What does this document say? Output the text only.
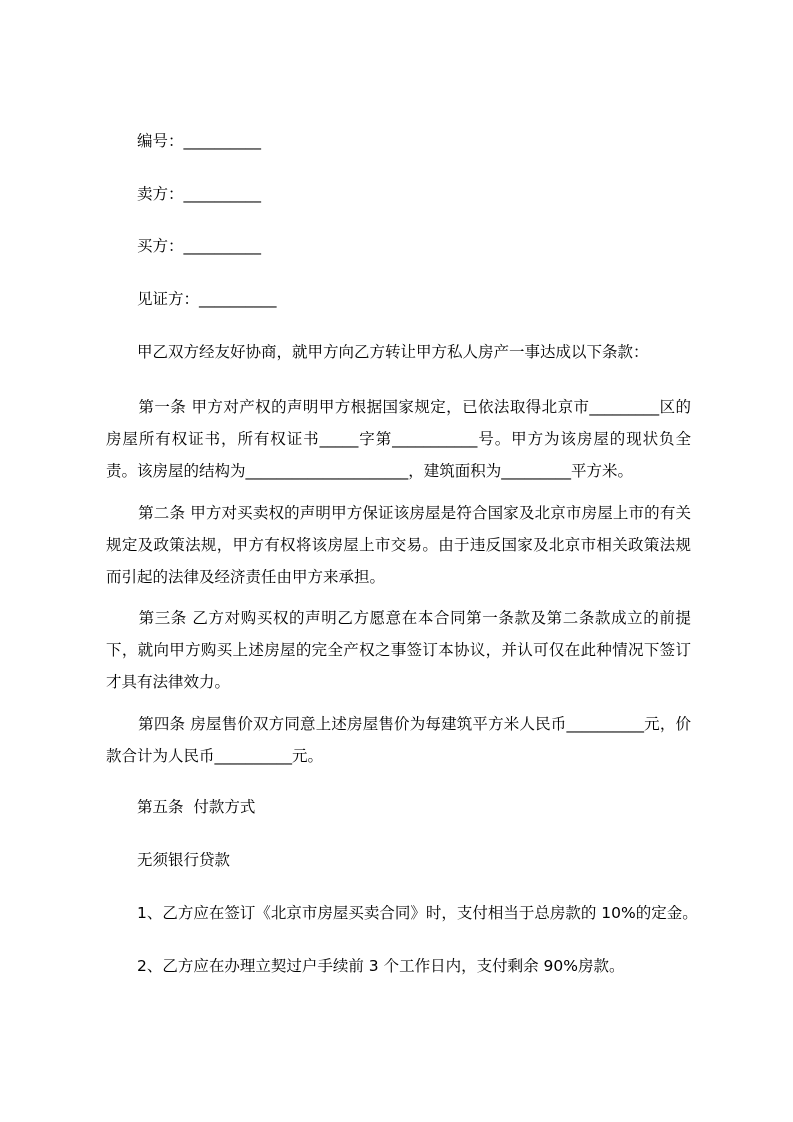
编号：__________
卖方：__________
买方：__________
见证方：__________
甲乙双方经友好协商，就甲方向乙方转让甲方私人房产一事达成以下条款：
第一条 甲方对产权的声明甲方根据国家规定，已依法取得北京市_________区的房屋所有权证书，所有权证书_____字第___________号。甲方为该房屋的现状负全责。该房屋的结构为_____________________，建筑面积为_________平方米。
第二条 甲方对买卖权的声明甲方保证该房屋是符合国家及北京市房屋上市的有关规定及政策法规，甲方有权将该房屋上市交易。由于违反国家及北京市相关政策法规而引起的法律及经济责任由甲方来承担。
第三条 乙方对购买权的声明乙方愿意在本合同第一条款及第二条款成立的前提下，就向甲方购买上述房屋的完全产权之事签订本协议，并认可仅在此种情况下签订才具有法律效力。
第四条 房屋售价双方同意上述房屋售价为每建筑平方米人民币__________元，价款合计为人民币__________元。
第五条  付款方式
无须银行贷款
1、乙方应在签订《北京市房屋买卖合同》时，支付相当于总房款的 10%的定金。
2、乙方应在办理立契过户手续前 3 个工作日内，支付剩余 90%房款。
